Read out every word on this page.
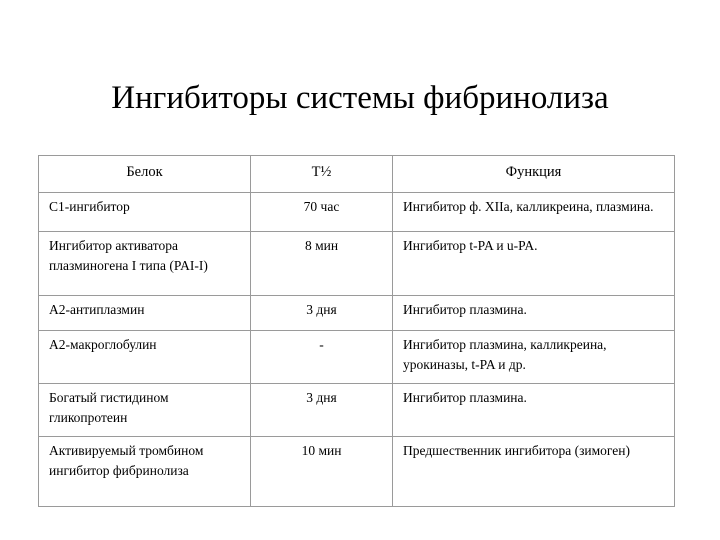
Ингибиторы системы фибринолиза
Белок	T½	Функция
С1-ингибитор	70 час	Ингибитор ф. XIIa, калликреина, плазмина.
Ингибитор активатора плазминогена I типа (PAI-I)	8 мин	Ингибитор t-PA и u-PA.
A2-антиплазмин	3 дня	Ингибитор плазмина.
A2-макроглобулин	-	Ингибитор плазмина, калликреина, урокиназы, t-PA и др.
Богатый гистидином гликопротеин	3 дня	Ингибитор плазмина.
Активируемый тромбином ингибитор фибринолиза	10 мин	Предшественник ингибитора (зимоген)
